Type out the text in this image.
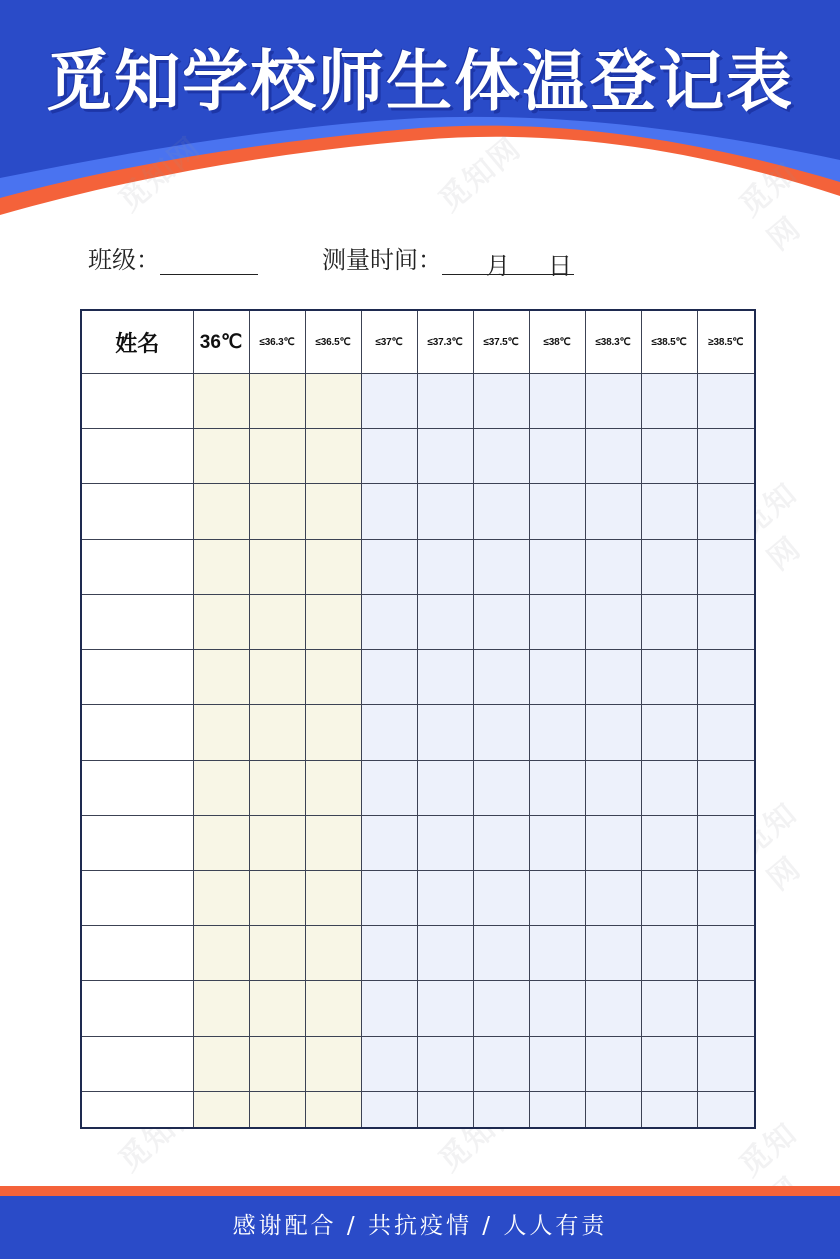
觅知学校师生体温登记表
觅知网	觅知网
觅知网
觅知网
觅知网	觅知网	觅知网
班级：	测量时间： 月 日
姓名	36℃	≤36.3℃	≤36.5℃	≤37℃	≤37.3℃	≤37.5℃	≤38℃	≤38.3℃	≤38.5℃	≥38.5℃

感谢配合 / 共抗疫情 / 人人有责
